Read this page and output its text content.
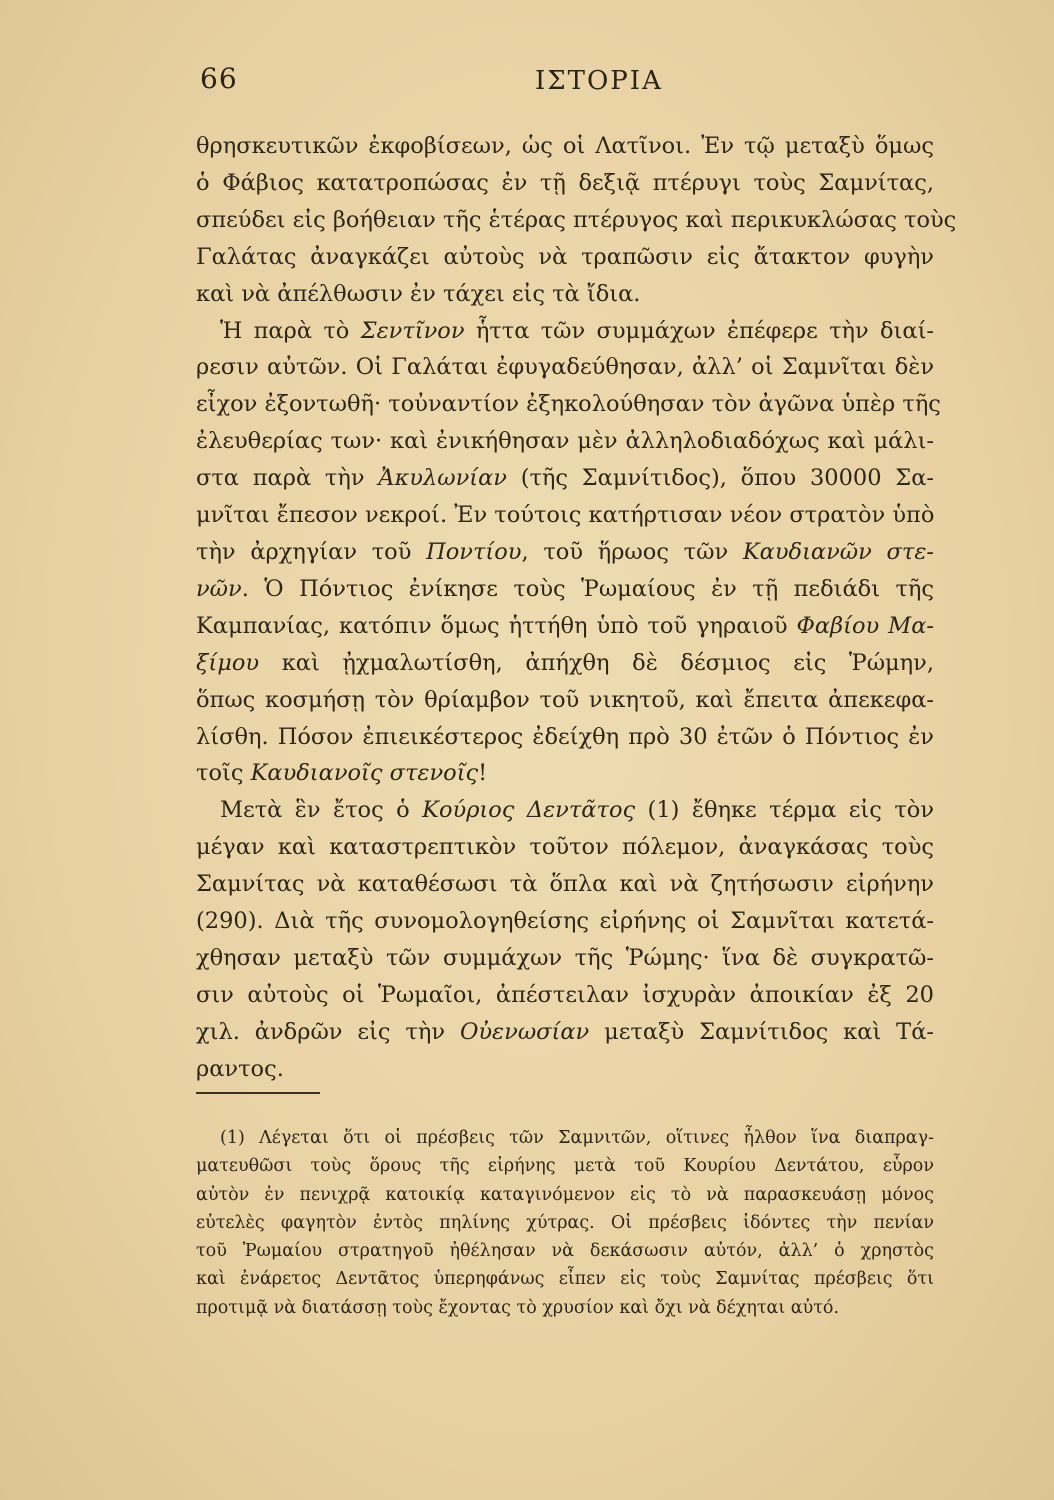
66	ΙΣΤΟΡΙΑ
θρησκευτικῶν ἐκφοβίσεων, ὡς οἱ Λατῖνοι. Ἐν τῷ μεταξὺ ὅμως
ὁ Φάβιος κατατροπώσας ἐν τῇ δεξιᾷ πτέρυγι τοὺς Σαμνίτας,
σπεύδει εἰς βοήθειαν τῆς ἑτέρας πτέρυγος καὶ περικυκλώσας τοὺς
Γαλάτας ἀναγκάζει αὐτοὺς νὰ τραπῶσιν εἰς ἄτακτον φυγὴν
καὶ νὰ ἀπέλθωσιν ἐν τάχει εἰς τὰ ἴδια.
Ἡ παρὰ τὸ Σεντῖνον ἧττα τῶν συμμάχων ἐπέφερε τὴν διαί-
ρεσιν αὐτῶν. Οἱ Γαλάται ἐφυγαδεύθησαν, ἀλλ’ οἱ Σαμνῖται δὲν
εἶχον ἐξοντωθῆ· τοὐναντίον ἐξηκολούθησαν τὸν ἀγῶνα ὑπὲρ τῆς
ἐλευθερίας των· καὶ ἐνικήθησαν μὲν ἀλληλοδιαδόχως καὶ μάλι-
στα παρὰ τὴν Ἀκυλωνίαν (τῆς Σαμνίτιδος), ὅπου 30000 Σα-
μνῖται ἔπεσον νεκροί. Ἐν τούτοις κατήρτισαν νέον στρατὸν ὑπὸ
τὴν ἀρχηγίαν τοῦ Ποντίου, τοῦ ἥρωος τῶν Καυδιανῶν στε-
νῶν. Ὁ Πόντιος ἐνίκησε τοὺς Ῥωμαίους ἐν τῇ πεδιάδι τῆς
Καμπανίας, κατόπιν ὅμως ἡττήθη ὑπὸ τοῦ γηραιοῦ Φαβίου Μα-
ξίμου καὶ ᾐχμαλωτίσθη, ἀπήχθη δὲ δέσμιος εἰς Ῥώμην,
ὅπως κοσμήσῃ τὸν θρίαμβον τοῦ νικητοῦ, καὶ ἔπειτα ἀπεκεφα-
λίσθη. Πόσον ἐπιεικέστερος ἐδείχθη πρὸ 30 ἐτῶν ὁ Πόντιος ἐν
τοῖς Καυδιανοῖς στενοῖς!
Μετὰ ἓν ἔτος ὁ Κούριος Δεντᾶτος (1) ἔθηκε τέρμα εἰς τὸν
μέγαν καὶ καταστρεπτικὸν τοῦτον πόλεμον, ἀναγκάσας τοὺς
Σαμνίτας νὰ καταθέσωσι τὰ ὅπλα καὶ νὰ ζητήσωσιν εἰρήνην
(290). Διὰ τῆς συνομολογηθείσης εἰρήνης οἱ Σαμνῖται κατετά-
χθησαν μεταξὺ τῶν συμμάχων τῆς Ῥώμης· ἵνα δὲ συγκρατῶ-
σιν αὐτοὺς οἱ Ῥωμαῖοι, ἀπέστειλαν ἰσχυρὰν ἀποικίαν ἐξ 20
χιλ. ἀνδρῶν εἰς τὴν Οὐενωσίαν μεταξὺ Σαμνίτιδος καὶ Τά-
ραντος.
(1) Λέγεται ὅτι οἱ πρέσβεις τῶν Σαμνιτῶν, οἵτινες ἦλθον ἵνα διαπραγ-
ματευθῶσι τοὺς ὅρους τῆς εἰρήνης μετὰ τοῦ Κουρίου Δεντάτου, εὗρον
αὐτὸν ἐν πενιχρᾷ κατοικίᾳ καταγινόμενον εἰς τὸ νὰ παρασκευάσῃ μόνος
εὐτελὲς φαγητὸν ἐντὸς πηλίνης χύτρας. Οἱ πρέσβεις ἰδόντες τὴν πενίαν
τοῦ Ῥωμαίου στρατηγοῦ ἠθέλησαν νὰ δεκάσωσιν αὐτόν, ἀλλ’ ὁ χρηστὸς
καὶ ἐνάρετος Δεντᾶτος ὑπερηφάνως εἶπεν εἰς τοὺς Σαμνίτας πρέσβεις ὅτι
προτιμᾷ νὰ διατάσσῃ τοὺς ἔχοντας τὸ χρυσίον καὶ ὄχι νὰ δέχηται αὐτό.
